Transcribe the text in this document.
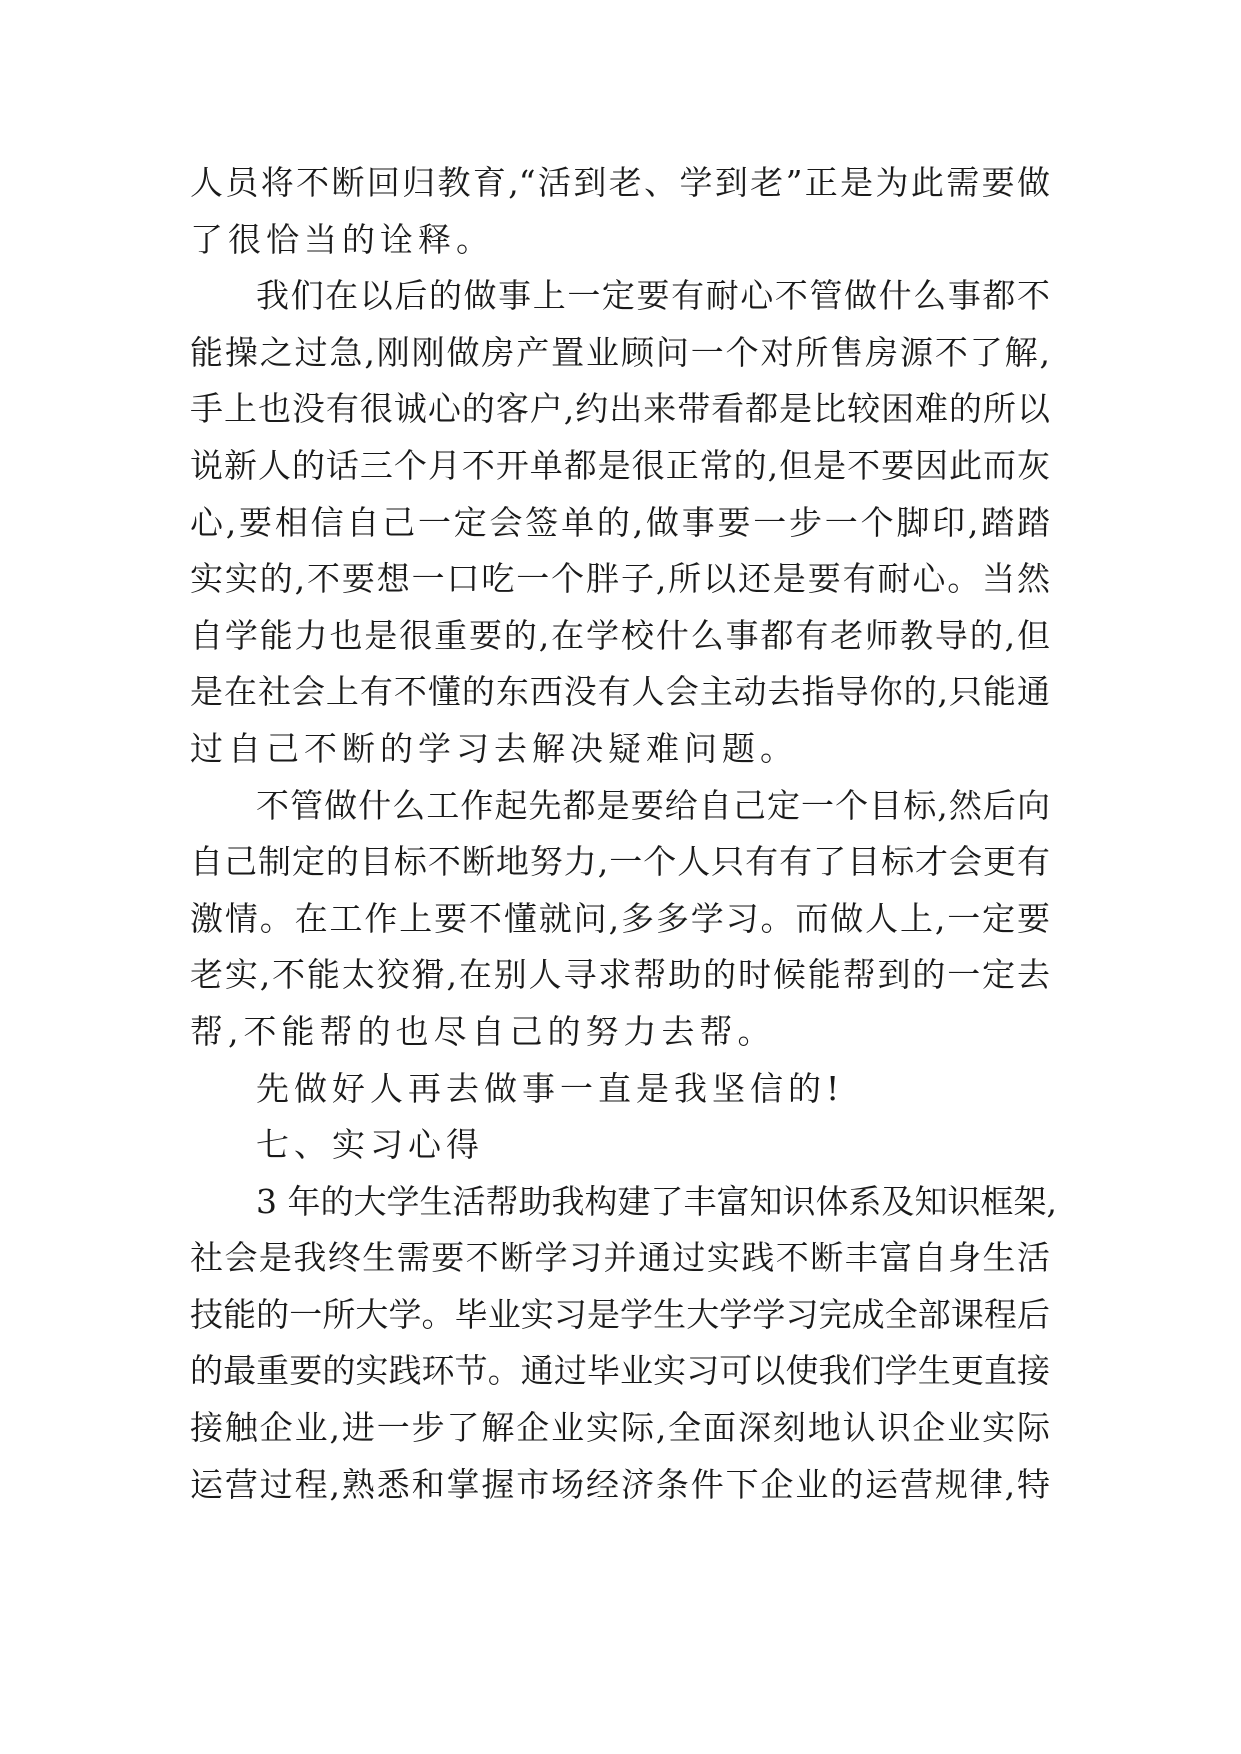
人员将不断回归教育,“活到老、学到老”正是为此需要做
了很恰当的诠释。
我们在以后的做事上一定要有耐心不管做什么事都不
能操之过急,刚刚做房产置业顾问一个对所售房源不了解,
手上也没有很诚心的客户,约出来带看都是比较困难的所以
说新人的话三个月不开单都是很正常的,但是不要因此而灰
心,要相信自己一定会签单的,做事要一步一个脚印,踏踏
实实的,不要想一口吃一个胖子,所以还是要有耐心。当然
自学能力也是很重要的,在学校什么事都有老师教导的,但
是在社会上有不懂的东西没有人会主动去指导你的,只能通
过自己不断的学习去解决疑难问题。
不管做什么工作起先都是要给自己定一个目标,然后向
自己制定的目标不断地努力,一个人只有有了目标才会更有
激情。在工作上要不懂就问,多多学习。而做人上,一定要
老实,不能太狡猾,在别人寻求帮助的时候能帮到的一定去
帮,不能帮的也尽自己的努力去帮。
先做好人再去做事一直是我坚信的!
七、实习心得
3 年的大学生活帮助我构建了丰富知识体系及知识框架,
社会是我终生需要不断学习并通过实践不断丰富自身生活
技能的一所大学。毕业实习是学生大学学习完成全部课程后
的最重要的实践环节。通过毕业实习可以使我们学生更直接
接触企业,进一步了解企业实际,全面深刻地认识企业实际
运营过程,熟悉和掌握市场经济条件下企业的运营规律,特
